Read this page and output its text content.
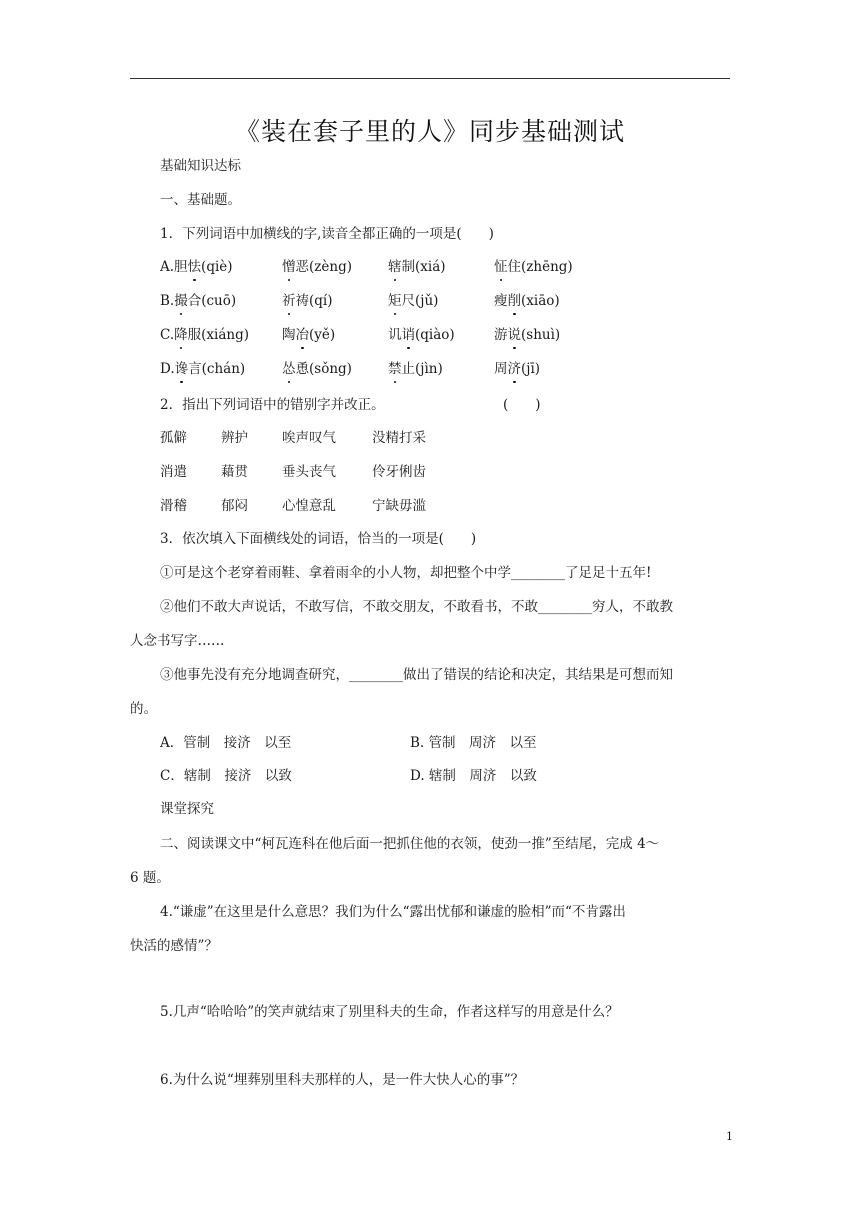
《装在套子里的人》同步基础测试
基础知识达标
一、基础题。
1．下列词语中加横线的字,读音全都正确的一项是(　　)
A.胆怯(qiè)	憎恶(zèng)	辖制(xiá)	怔住(zhēng)
B.撮合(cuō)	祈祷(qí)	矩尺(jǔ)	瘦削(xiāo)
C.降服(xiáng) 陶冶(yě)	讥诮(qiào)	游说(shuì)
D.谗言(chán)	怂恿(sǒng)	禁止(jìn)	周济(jī)
2．指出下列词语中的错别字并改正。	(　　)
孤僻	辨护	唉声叹气	没精打采
消遣	藉贯	垂头丧气	伶牙俐齿
滑稽	郁闷	心惶意乱	宁缺毋滥
3．依次填入下面横线处的词语，恰当的一项是(　　)
①可是这个老穿着雨鞋、拿着雨伞的小人物，却把整个中学________了足足十五年!
②他们不敢大声说话，不敢写信，不敢交朋友，不敢看书，不敢________穷人，不敢教
人念书写字……
③他事先没有充分地调查研究，________做出了错误的结论和决定，其结果是可想而知
的。
A．管制　接济　以至	B. 管制　周济　以至
C．辖制　接济　以致	D. 辖制　周济　以致
课堂探究
二、阅读课文中“柯瓦连科在他后面一把抓住他的衣领，使劲一推”至结尾，完成 4～
6 题。
4.“谦虚”在这里是什么意思？我们为什么“露出忧郁和谦虚的脸相”而“不肯露出
快活的感情”？
5.几声“哈哈哈”的笑声就结束了别里科夫的生命，作者这样写的用意是什么？
6.为什么说“埋葬别里科夫那样的人，是一件大快人心的事”？
1
